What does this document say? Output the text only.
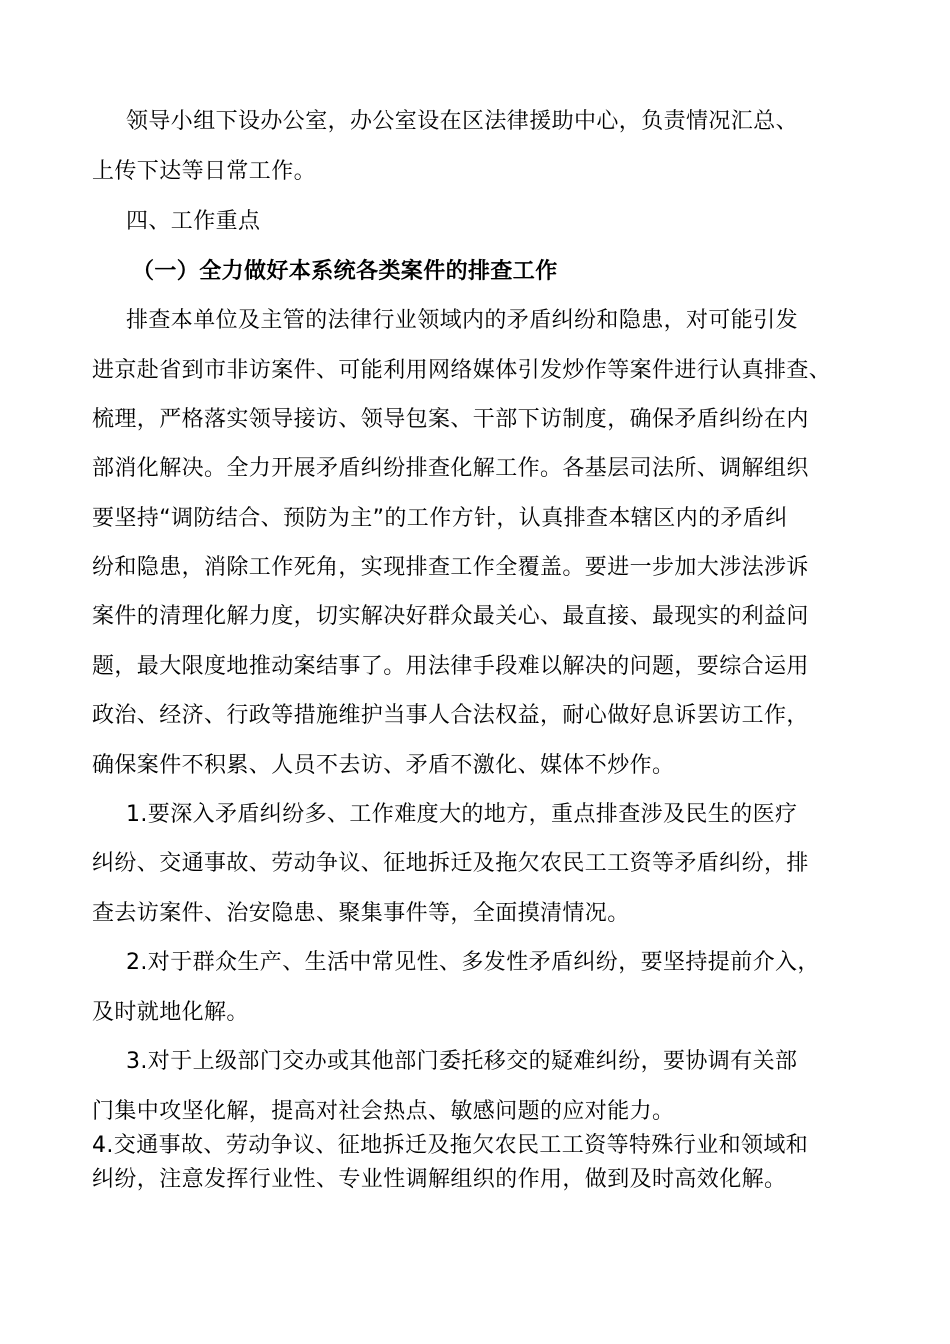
领导小组下设办公室，办公室设在区法律援助中心，负责情况汇总、
上传下达等日常工作。
四、工作重点
（一）全力做好本系统各类案件的排查工作
排查本单位及主管的法律行业领域内的矛盾纠纷和隐患，对可能引发
进京赴省到市非访案件、可能利用网络媒体引发炒作等案件进行认真排查、
梳理，严格落实领导接访、领导包案、干部下访制度，确保矛盾纠纷在内
部消化解决。全力开展矛盾纠纷排查化解工作。各基层司法所、调解组织
要坚持“调防结合、预防为主”的工作方针，认真排查本辖区内的矛盾纠
纷和隐患，消除工作死角，实现排查工作全覆盖。要进一步加大涉法涉诉
案件的清理化解力度，切实解决好群众最关心、最直接、最现实的利益问
题，最大限度地推动案结事了。用法律手段难以解决的问题，要综合运用
政治、经济、行政等措施维护当事人合法权益，耐心做好息诉罢访工作，
确保案件不积累、人员不去访、矛盾不激化、媒体不炒作。
1.要深入矛盾纠纷多、工作难度大的地方，重点排查涉及民生的医疗
纠纷、交通事故、劳动争议、征地拆迁及拖欠农民工工资等矛盾纠纷，排
查去访案件、治安隐患、聚集事件等，全面摸清情况。
2.对于群众生产、生活中常见性、多发性矛盾纠纷，要坚持提前介入，
及时就地化解。
3.对于上级部门交办或其他部门委托移交的疑难纠纷，要协调有关部
门集中攻坚化解，提高对社会热点、敏感问题的应对能力。
4.交通事故、劳动争议、征地拆迁及拖欠农民工工资等特殊行业和领域和
纠纷，注意发挥行业性、专业性调解组织的作用，做到及时高效化解。
